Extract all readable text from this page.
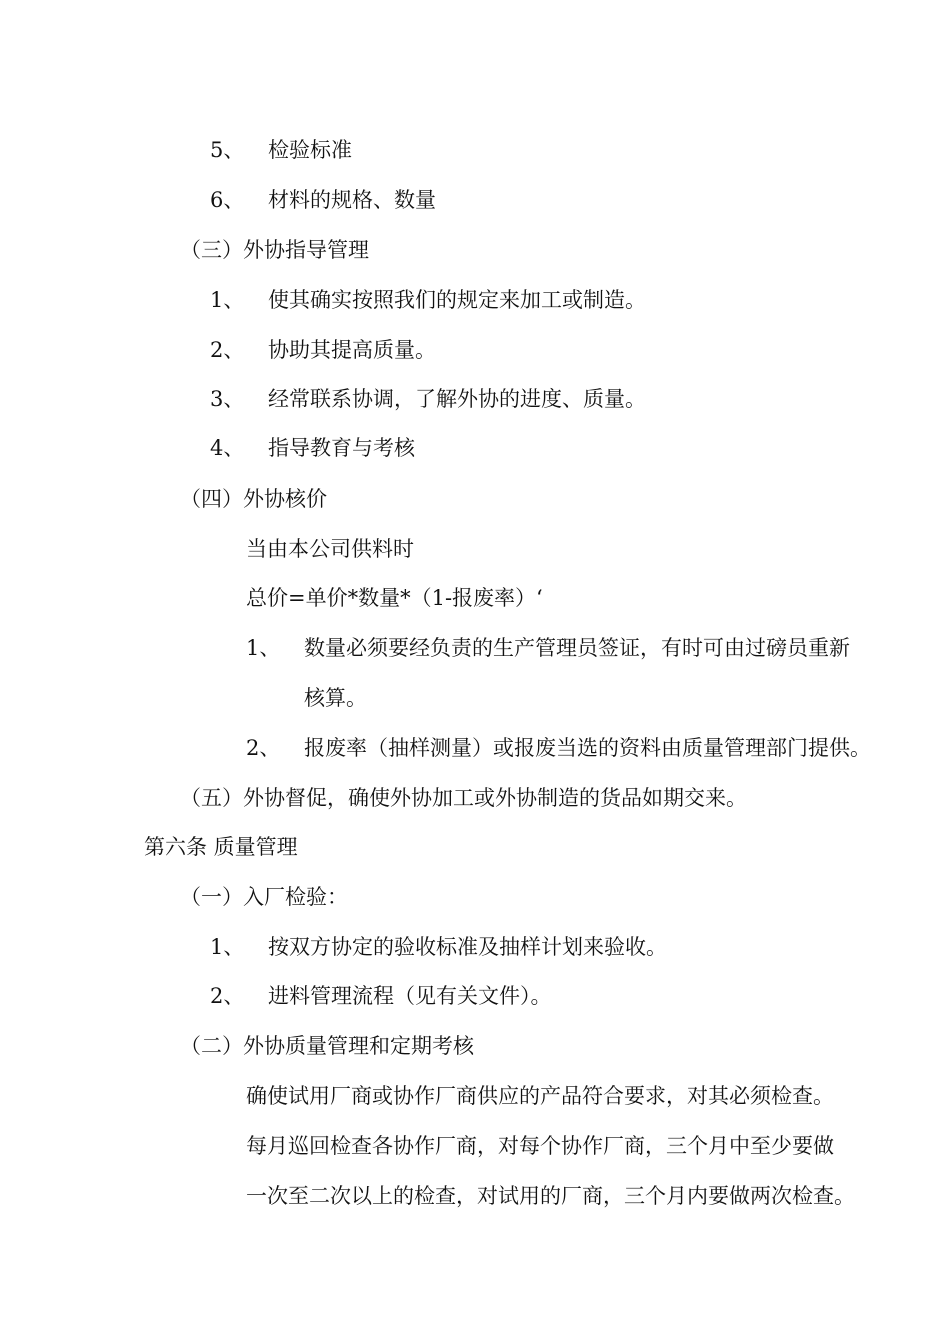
5、 检验标准
6、 材料的规格、数量
（三）外协指导管理
1、 使其确实按照我们的规定来加工或制造。
2、 协助其提高质量。
3、 经常联系协调，了解外协的进度、质量。
4、 指导教育与考核
（四）外协核价
当由本公司供料时
总价=单价*数量*（1-报废率）‘
1、 数量必须要经负责的生产管理员签证，有时可由过磅员重新
核算。
2、 报废率（抽样测量）或报废当选的资料由质量管理部门提供。
（五）外协督促，确使外协加工或外协制造的货品如期交来。
第六条 质量管理
（一）入厂检验：
1、 按双方协定的验收标准及抽样计划来验收。
2、 进料管理流程（见有关文件）。
（二）外协质量管理和定期考核
确使试用厂商或协作厂商供应的产品符合要求，对其必须检查。
每月巡回检查各协作厂商，对每个协作厂商，三个月中至少要做
一次至二次以上的检查，对试用的厂商，三个月内要做两次检查。
